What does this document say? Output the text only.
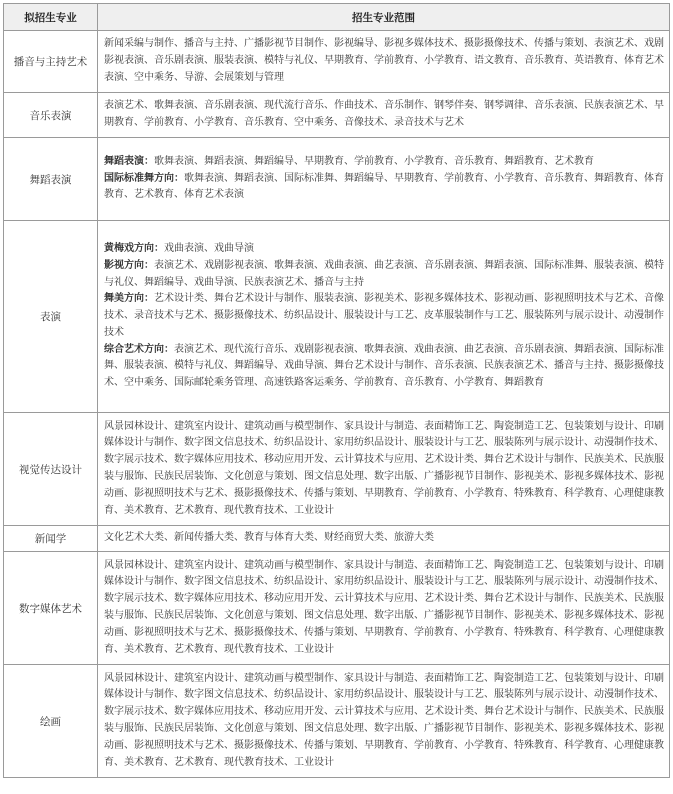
拟招生专业	招生专业范围
播音与主持艺术	新闻采编与制作、播音与主持、广播影视节目制作、影视编导、影视多媒体技术、摄影摄像技术、传播与策划、表演艺术、戏剧影视表演、音乐剧表演、服装表演、模特与礼仪、早期教育、学前教育、小学教育、语文教育、音乐教育、英语教育、体育艺术表演、空中乘务、导游、会展策划与管理
音乐表演	表演艺术、歌舞表演、音乐剧表演、现代流行音乐、作曲技术、音乐制作、钢琴伴奏、钢琴调律、音乐表演、民族表演艺术、早期教育、学前教育、小学教育、音乐教育、空中乘务、音像技术、录音技术与艺术
舞蹈表演	舞蹈表演：歌舞表演、舞蹈表演、舞蹈编导、早期教育、学前教育、小学教育、音乐教育、舞蹈教育、艺术教育
国际标准舞方向：歌舞表演、舞蹈表演、国际标准舞、舞蹈编导、早期教育、学前教育、小学教育、音乐教育、舞蹈教育、体育教育、艺术教育、体育艺术表演

表演	黄梅戏方向：戏曲表演、戏曲导演
影视方向：表演艺术、戏剧影视表演、歌舞表演、戏曲表演、曲艺表演、音乐剧表演、舞蹈表演、国际标准舞、服装表演、模特与礼仪、舞蹈编导、戏曲导演、民族表演艺术、播音与主持
舞美方向：艺术设计类、舞台艺术设计与制作、服装表演、影视美术、影视多媒体技术、影视动画、影视照明技术与艺术、音像技术、录音技术与艺术、摄影摄像技术、纺织品设计、服装设计与工艺、皮革服装制作与工艺、服装陈列与展示设计、动漫制作技术
综合艺术方向：表演艺术、现代流行音乐、戏剧影视表演、歌舞表演、戏曲表演、曲艺表演、音乐剧表演、舞蹈表演、国际标准舞、服装表演、模特与礼仪、舞蹈编导、戏曲导演、舞台艺术设计与制作、音乐表演、民族表演艺术、播音与主持、摄影摄像技术、空中乘务、国际邮轮乘务管理、高速铁路客运乘务、学前教育、音乐教育、小学教育、舞蹈教育

视觉传达设计	风景园林设计、建筑室内设计、建筑动画与模型制作、家具设计与制造、表面精饰工艺、陶瓷制造工艺、包装策划与设计、印刷媒体设计与制作、数字图文信息技术、纺织品设计、家用纺织品设计、服装设计与工艺、服装陈列与展示设计、动漫制作技术、数字展示技术、数字媒体应用技术、移动应用开发、云计算技术与应用、艺术设计类、舞台艺术设计与制作、民族美术、民族服装与服饰、民族民居装饰、文化创意与策划、图文信息处理、数字出版、广播影视节目制作、影视美术、影视多媒体技术、影视动画、影视照明技术与艺术、摄影摄像技术、传播与策划、早期教育、学前教育、小学教育、特殊教育、科学教育、心理健康教育、美术教育、艺术教育、现代教育技术、工业设计
新闻学	文化艺术大类、新闻传播大类、教育与体育大类、财经商贸大类、旅游大类
数字媒体艺术	风景园林设计、建筑室内设计、建筑动画与模型制作、家具设计与制造、表面精饰工艺、陶瓷制造工艺、包装策划与设计、印刷媒体设计与制作、数字图文信息技术、纺织品设计、家用纺织品设计、服装设计与工艺、服装陈列与展示设计、动漫制作技术、数字展示技术、数字媒体应用技术、移动应用开发、云计算技术与应用、艺术设计类、舞台艺术设计与制作、民族美术、民族服装与服饰、民族民居装饰、文化创意与策划、图文信息处理、数字出版、广播影视节目制作、影视美术、影视多媒体技术、影视动画、影视照明技术与艺术、摄影摄像技术、传播与策划、早期教育、学前教育、小学教育、特殊教育、科学教育、心理健康教育、美术教育、艺术教育、现代教育技术、工业设计
绘画	风景园林设计、建筑室内设计、建筑动画与模型制作、家具设计与制造、表面精饰工艺、陶瓷制造工艺、包装策划与设计、印刷媒体设计与制作、数字图文信息技术、纺织品设计、家用纺织品设计、服装设计与工艺、服装陈列与展示设计、动漫制作技术、数字展示技术、数字媒体应用技术、移动应用开发、云计算技术与应用、艺术设计类、舞台艺术设计与制作、民族美术、民族服装与服饰、民族民居装饰、文化创意与策划、图文信息处理、数字出版、广播影视节目制作、影视美术、影视多媒体技术、影视动画、影视照明技术与艺术、摄影摄像技术、传播与策划、早期教育、学前教育、小学教育、特殊教育、科学教育、心理健康教育、美术教育、艺术教育、现代教育技术、工业设计
